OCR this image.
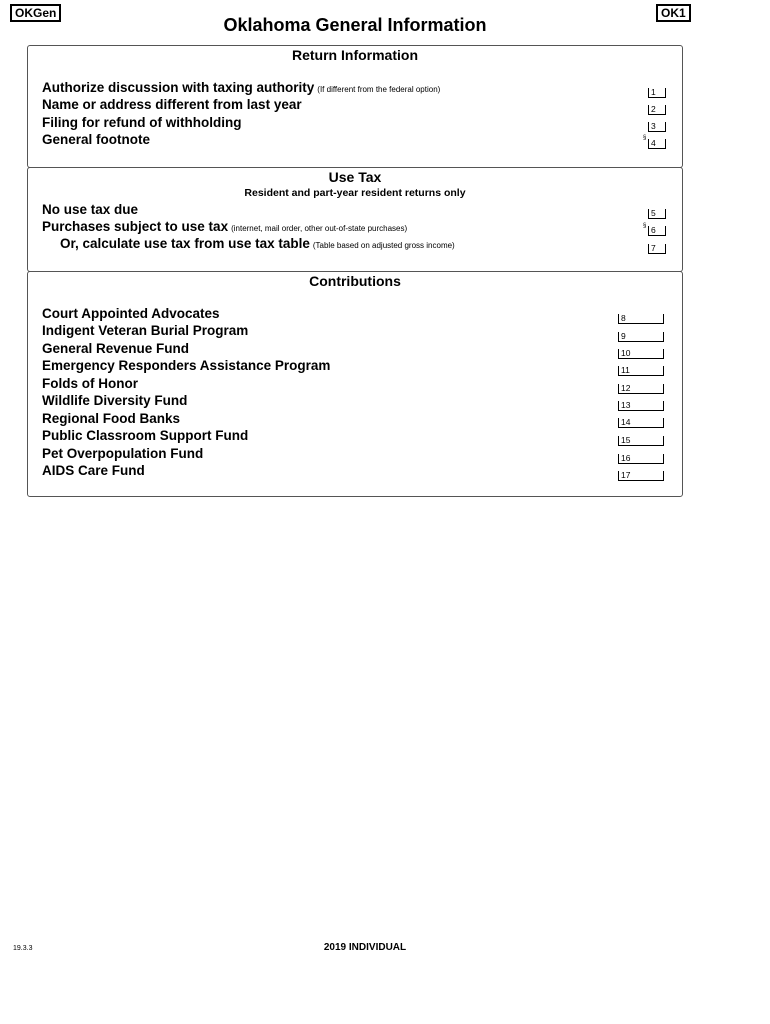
OKGen	OK1
Oklahoma General Information
Return Information
Authorize discussion with taxing authority (If different from the federal option)	1
Name or address different from last year	2
Filing for refund of withholding	3
General footnote	§ 4
Use Tax
Resident and part-year resident returns only
No use tax due	5
Purchases subject to use tax (internet, mail order, other out-of-state purchases)	§ 6
Or, calculate use tax from use tax table (Table based on adjusted gross income)	7
Contributions
Court Appointed Advocates	8
Indigent Veteran Burial Program	9
General Revenue Fund	10
Emergency Responders Assistance Program	11
Folds of Honor	12
Wildlife Diversity Fund	13
Regional Food Banks	14
Public Classroom Support Fund	15
Pet Overpopulation Fund	16
AIDS Care Fund	17
19.3.3	2019 INDIVIDUAL
